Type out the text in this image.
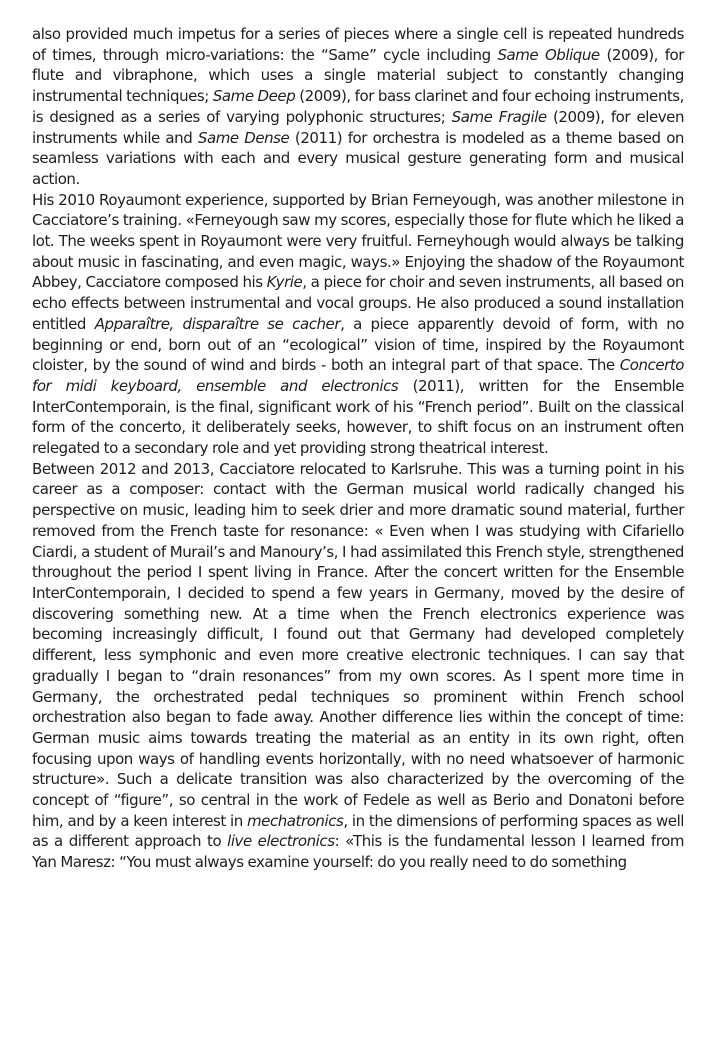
also provided much impetus for a series of pieces where a single cell is repeated hundreds of times, through micro-variations: the “Same” cycle including Same Oblique (2009), for flute and vibraphone, which uses a single material subject to constantly changing instrumental techniques; Same Deep (2009), for bass clarinet and four echoing instruments, is designed as a series of varying polyphonic structures; Same Fragile (2009), for eleven instruments while and Same Dense (2011) for orchestra is modeled as a theme based on seamless variations with each and every musical gesture generating form and musical action.

His 2010 Royaumont experience, supported by Brian Ferneyough, was another milestone in Cacciatore’s training. «Ferneyough saw my scores, especially those for flute which he liked a lot. The weeks spent in Royaumont were very fruitful. Ferneyhough would always be talking about music in fascinating, and even magic, ways.» Enjoying the shadow of the Royaumont Abbey, Cacciatore composed his Kyrie, a piece for choir and seven instruments, all based on echo effects between instrumental and vocal groups. He also produced a sound installation entitled Apparaître, disparaître se cacher, a piece apparently devoid of form, with no beginning or end, born out of an “ecological” vision of time, inspired by the Royaumont cloister, by the sound of wind and birds - both an integral part of that space. The Concerto for midi keyboard, ensemble and electronics (2011), written for the Ensemble InterContemporain, is the final, significant work of his “French period”. Built on the classical form of the concerto, it deliberately seeks, however, to shift focus on an instrument often relegated to a secondary role and yet providing strong theatrical interest.

Between 2012 and 2013, Cacciatore relocated to Karlsruhe. This was a turning point in his career as a composer: contact with the German musical world radically changed his perspective on music, leading him to seek drier and more dramatic sound material, further removed from the French taste for resonance: « Even when I was studying with Cifariello Ciardi, a student of Murail’s and Manoury’s, I had assimilated this French style, strengthened throughout the period I spent living in France. After the concert written for the Ensemble InterContemporain, I decided to spend a few years in Germany, moved by the desire of discovering something new. At a time when the French electronics experience was becoming increasingly difficult, I found out that Germany had developed completely different, less symphonic and even more creative electronic techniques. I can say that gradually I began to “drain resonances” from my own scores. As I spent more time in Germany, the orchestrated pedal techniques so prominent within French school orchestration also began to fade away. Another difference lies within the concept of time: German music aims towards treating the material as an entity in its own right, often focusing upon ways of handling events horizontally, with no need whatsoever of harmonic structure». Such a delicate transition was also characterized by the overcoming of the concept of “figure”, so central in the work of Fedele as well as Berio and Donatoni before him, and by a keen interest in mechatronics, in the dimensions of performing spaces as well as a different approach to live electronics: «This is the fundamental lesson I learned from Yan Maresz: “You must always examine yourself: do you really need to do something
